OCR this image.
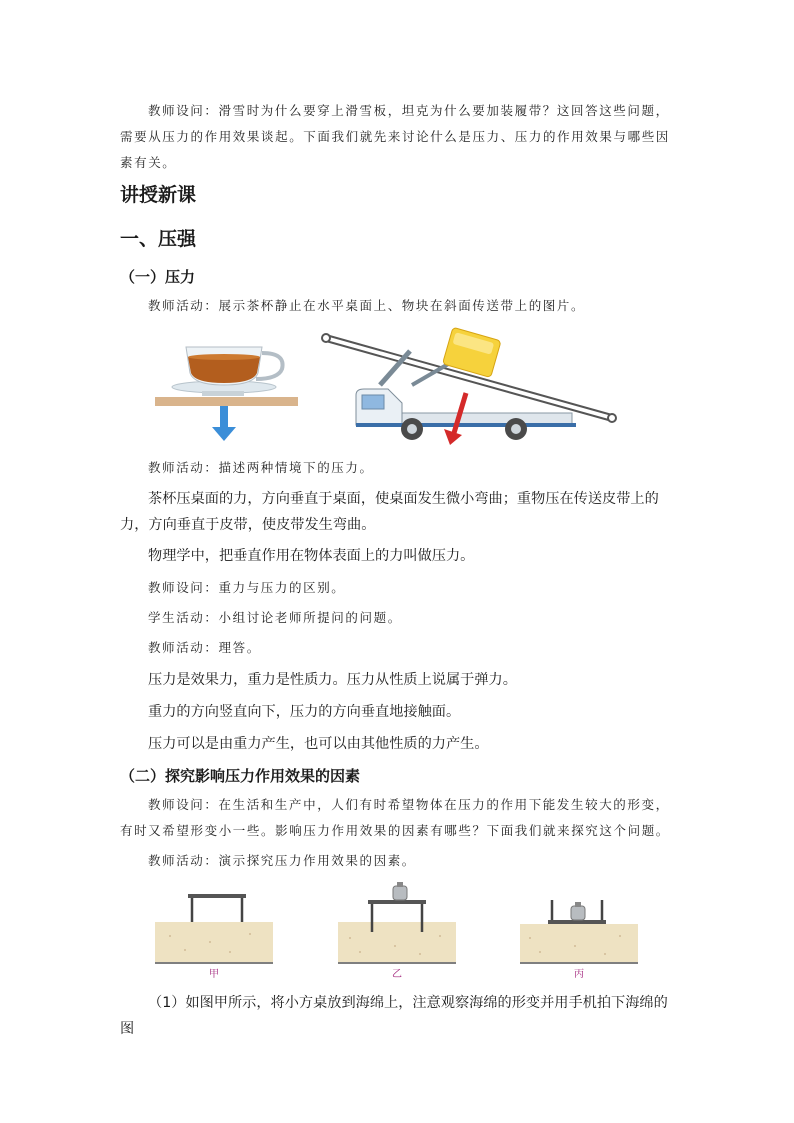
教师设问：滑雪时为什么要穿上滑雪板，坦克为什么要加装履带？这回答这些问题，需要从压力的作用效果谈起。下面我们就先来讨论什么是压力、压力的作用效果与哪些因素有关。

讲授新课
一、压强
（一）压力

教师活动：展示茶杯静止在水平桌面上、物块在斜面传送带上的图片。

教师活动：描述两种情境下的压力。

茶杯压桌面的力，方向垂直于桌面，使桌面发生微小弯曲；重物压在传送皮带上的力，方向垂直于皮带，使皮带发生弯曲。

物理学中，把垂直作用在物体表面上的力叫做压力。

教师设问：重力与压力的区别。

学生活动：小组讨论老师所提问的问题。

教师活动：理答。

压力是效果力，重力是性质力。压力从性质上说属于弹力。

重力的方向竖直向下，压力的方向垂直地接触面。

压力可以是由重力产生，也可以由其他性质的力产生。

（二）探究影响压力作用效果的因素

教师设问：在生活和生产中，人们有时希望物体在压力的作用下能发生较大的形变，有时又希望形变小一些。影响压力作用效果的因素有哪些？下面我们就来探究这个问题。

教师活动：演示探究压力作用效果的因素。

甲	乙	丙

（1）如图甲所示，将小方桌放到海绵上，注意观察海绵的形变并用手机拍下海绵的图
